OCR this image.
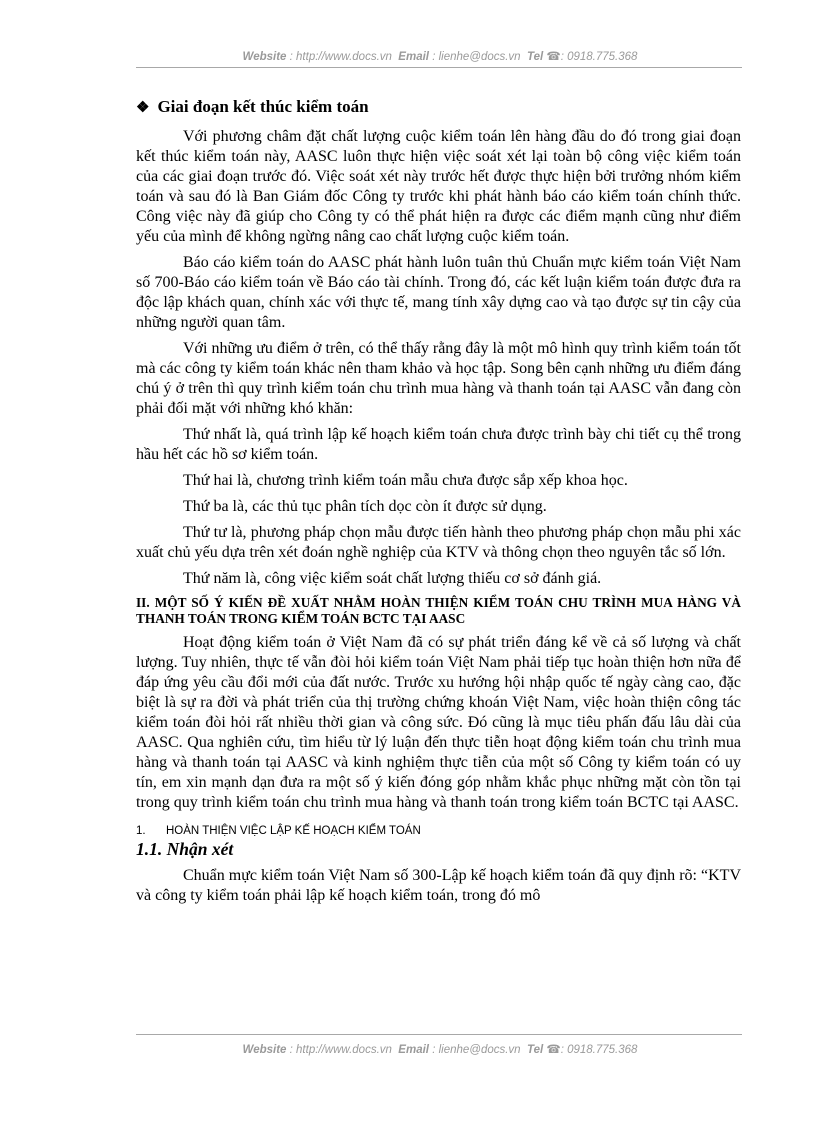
Website : http://www.docs.vn Email : lienhe@docs.vn Tel ☎: 0918.775.368
❖ Giai đoạn kết thúc kiểm toán

Với phương châm đặt chất lượng cuộc kiểm toán lên hàng đầu do đó trong giai đoạn kết thúc kiểm toán này, AASC luôn thực hiện việc soát xét lại toàn bộ công việc kiểm toán của các giai đoạn trước đó. Việc soát xét này trước hết được thực hiện bởi trưởng nhóm kiểm toán và sau đó là Ban Giám đốc Công ty trước khi phát hành báo cáo kiểm toán chính thức. Công việc này đã giúp cho Công ty có thể phát hiện ra được các điểm mạnh cũng như điểm yếu của mình để không ngừng nâng cao chất lượng cuộc kiểm toán.

Báo cáo kiểm toán do AASC phát hành luôn tuân thủ Chuẩn mực kiểm toán Việt Nam số 700-Báo cáo kiểm toán về Báo cáo tài chính. Trong đó, các kết luận kiểm toán được đưa ra độc lập khách quan, chính xác với thực tế, mang tính xây dựng cao và tạo được sự tin cậy của những người quan tâm.

Với những ưu điểm ở trên, có thể thấy rằng đây là một mô hình quy trình kiểm toán tốt mà các công ty kiểm toán khác nên tham khảo và học tập. Song bên cạnh những ưu điểm đáng chú ý ở trên thì quy trình kiểm toán chu trình mua hàng và thanh toán tại AASC vẫn đang còn phải đối mặt với những khó khăn:

Thứ nhất là, quá trình lập kế hoạch kiểm toán chưa được trình bày chi tiết cụ thể trong hầu hết các hồ sơ kiểm toán.

Thứ hai là, chương trình kiểm toán mẫu chưa được sắp xếp khoa học.

Thứ ba là, các thủ tục phân tích dọc còn ít được sử dụng.

Thứ tư là, phương pháp chọn mẫu được tiến hành theo phương pháp chọn mẫu phi xác xuất chủ yếu dựa trên xét đoán nghề nghiệp của KTV và thông chọn theo nguyên tắc số lớn.

Thứ năm là, công việc kiểm soát chất lượng thiếu cơ sở đánh giá.

II. MỘT SỐ Ý KIẾN ĐỀ XUẤT NHẰM HOÀN THIỆN KIỂM TOÁN CHU TRÌNH MUA HÀNG VÀ THANH TOÁN TRONG KIỂM TOÁN BCTC TẠI AASC

Hoạt động kiểm toán ở Việt Nam đã có sự phát triển đáng kể về cả số lượng và chất lượng. Tuy nhiên, thực tế vẫn đòi hỏi kiểm toán Việt Nam phải tiếp tục hoàn thiện hơn nữa để đáp ứng yêu cầu đổi mới của đất nước. Trước xu hướng hội nhập quốc tế ngày càng cao, đặc biệt là sự ra đời và phát triển của thị trường chứng khoán Việt Nam, việc hoàn thiện công tác kiểm toán đòi hỏi rất nhiều thời gian và công sức. Đó cũng là mục tiêu phấn đấu lâu dài của AASC. Qua nghiên cứu, tìm hiểu từ lý luận đến thực tiễn hoạt động kiểm toán chu trình mua hàng và thanh toán tại AASC và kinh nghiệm thực tiễn của một số Công ty kiểm toán có uy tín, em xin mạnh dạn đưa ra một số ý kiến đóng góp nhằm khắc phục những mặt còn tồn tại trong quy trình kiểm toán chu trình mua hàng và thanh toán trong kiểm toán BCTC tại AASC.

1.	HOÀN THIỆN VIỆC LẬP KẾ HOẠCH KIỂM TOÁN
1.1. Nhận xét

Chuẩn mực kiểm toán Việt Nam số 300-Lập kế hoạch kiểm toán đã quy định rõ: “KTV và công ty kiểm toán phải lập kế hoạch kiểm toán, trong đó mô

Website : http://www.docs.vn Email : lienhe@docs.vn Tel ☎: 0918.775.368
